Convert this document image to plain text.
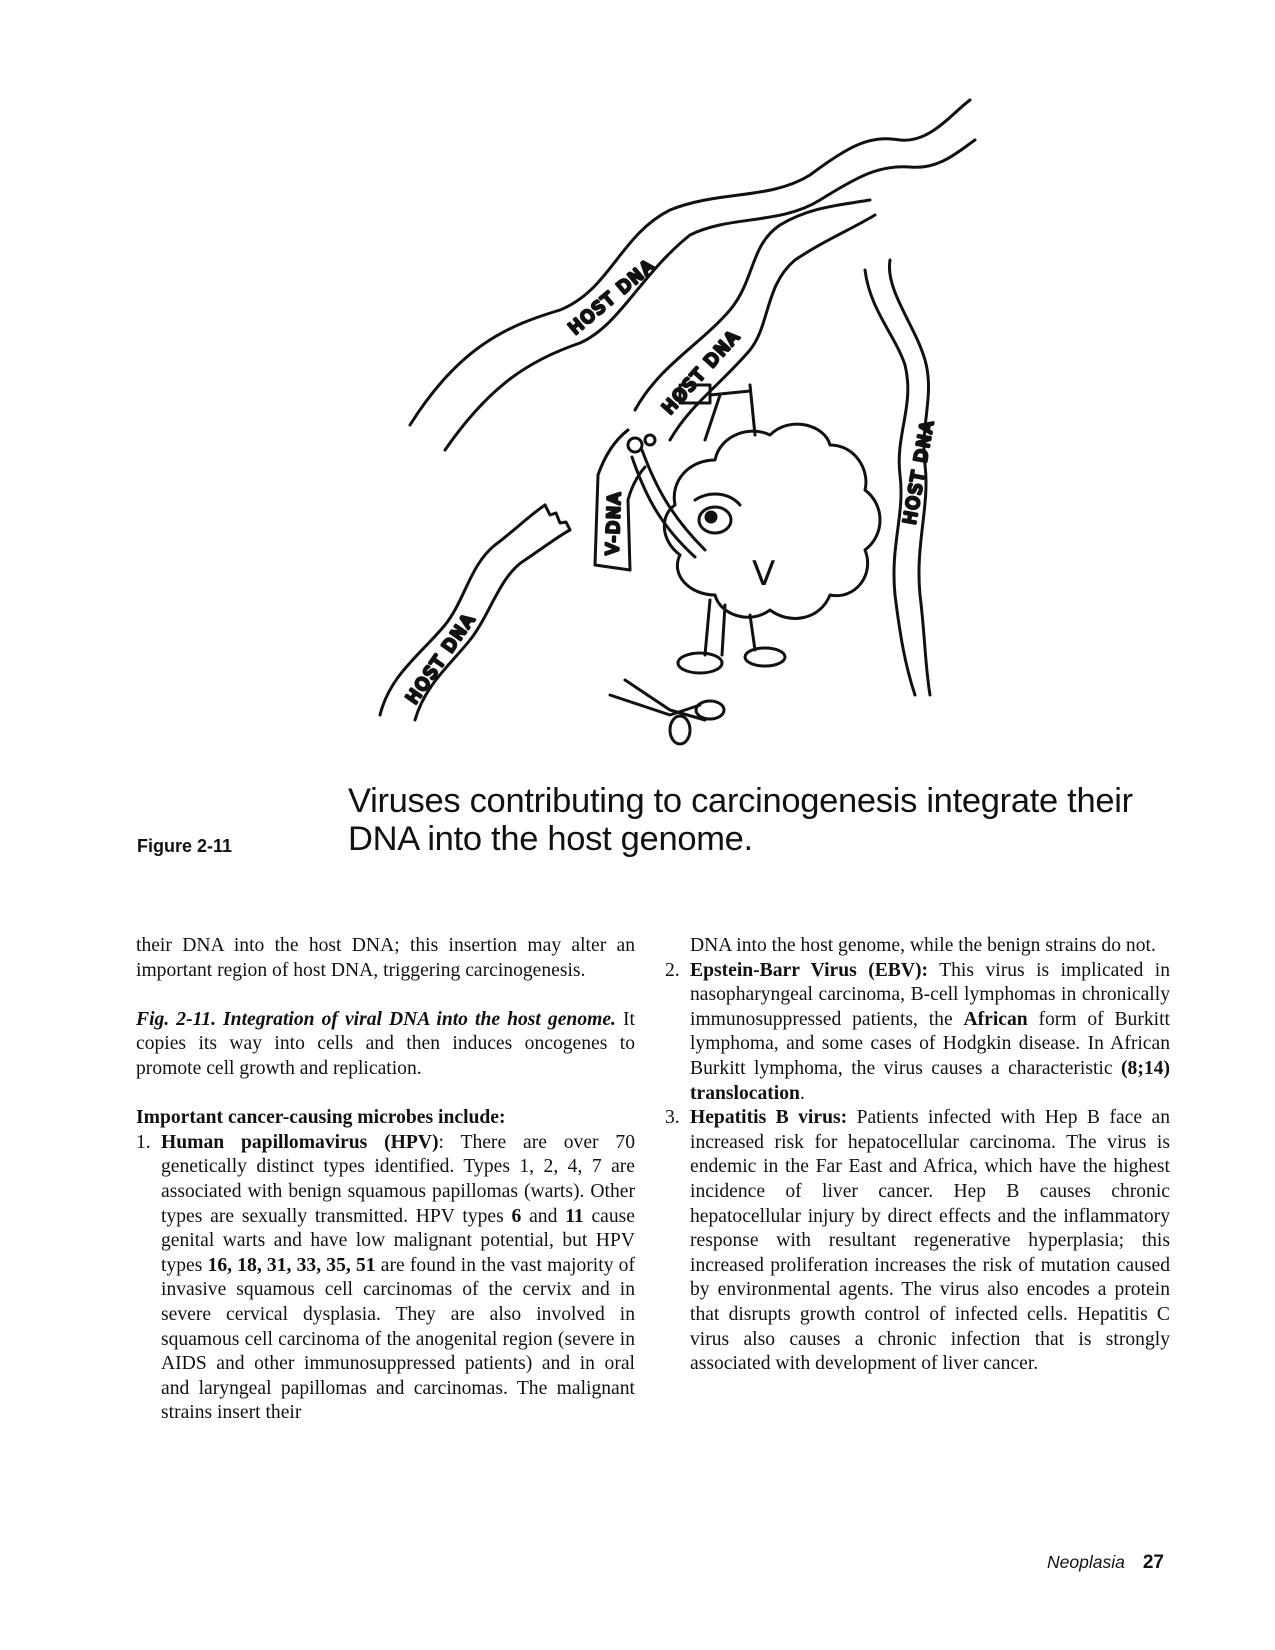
HOST DNA
HOST DNA
HOST DNA
HOST DNA
V-DNA
V
Figure 2-11
Viruses contributing to carcinogenesis integrate their DNA into the host genome.

their DNA into the host DNA; this insertion may alter an important region of host DNA, triggering carcinogenesis.

Fig. 2-11. Integration of viral DNA into the host genome. It copies its way into cells and then induces oncogenes to promote cell growth and replication.

Important cancer-causing microbes include:

1. Human papillomavirus (HPV): There are over 70 genetically distinct types identified. Types 1, 2, 4, 7 are associated with benign squamous papillomas (warts). Other types are sexually transmitted. HPV types 6 and 11 cause genital warts and have low malignant potential, but HPV types 16, 18, 31, 33, 35, 51 are found in the vast majority of invasive squamous cell carcinomas of the cervix and in severe cervical dysplasia. They are also involved in squamous cell carcinoma of the anogenital region (severe in AIDS and other immunosuppressed patients) and in oral and laryngeal papillomas and carcinomas. The malignant strains insert their

DNA into the host genome, while the benign strains do not.

2. Epstein-Barr Virus (EBV): This virus is implicated in nasopharyngeal carcinoma, B-cell lymphomas in chronically immunosuppressed patients, the African form of Burkitt lymphoma, and some cases of Hodgkin disease. In African Burkitt lymphoma, the virus causes a characteristic (8;14) translocation.

3. Hepatitis B virus: Patients infected with Hep B face an increased risk for hepatocellular carcinoma. The virus is endemic in the Far East and Africa, which have the highest incidence of liver cancer. Hep B causes chronic hepatocellular injury by direct effects and the inflammatory response with resultant regenerative hyperplasia; this increased proliferation increases the risk of mutation caused by environmental agents. The virus also encodes a protein that disrupts growth control of infected cells. Hepatitis C virus also causes a chronic infection that is strongly associated with development of liver cancer.

Neoplasia 27
